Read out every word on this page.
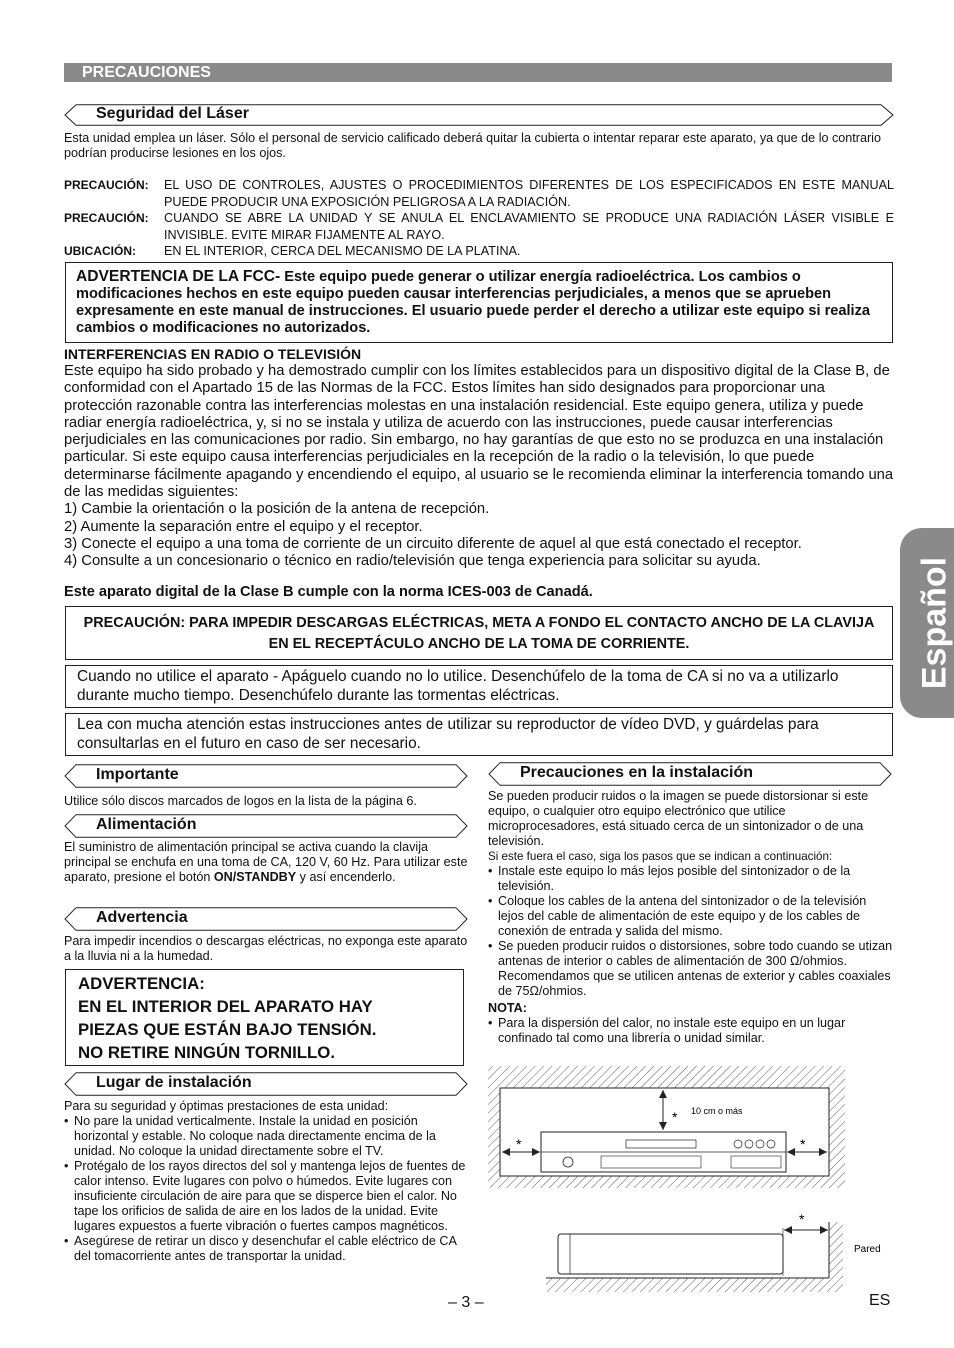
PRECAUCIONES
Español
Seguridad del Láser
Esta unidad emplea un láser. Sólo el personal de servicio calificado deberá quitar la cubierta o intentar reparar este aparato, ya que de lo contrario podrían producirse lesiones en los ojos.
PRECAUCIÓN:	EL USO DE CONTROLES, AJUSTES O PROCEDIMIENTOS DIFERENTES DE LOS ESPECIFICADOS EN ESTE MANUAL PUEDE PRODUCIR UNA EXPOSICIÓN PELIGROSA A LA RADIACIÓN.
PRECAUCIÓN:	CUANDO SE ABRE LA UNIDAD Y SE ANULA EL ENCLAVAMIENTO SE PRODUCE UNA RADIACIÓN LÁSER VISIBLE E INVISIBLE. EVITE MIRAR FIJAMENTE AL RAYO.
UBICACIÓN:	EN EL INTERIOR, CERCA DEL MECANISMO DE LA PLATINA.
ADVERTENCIA DE LA FCC- Este equipo puede generar o utilizar energía radioeléctrica. Los cambios o modificaciones hechos en este equipo pueden causar interferencias perjudiciales, a menos que se aprueben expresamente en este manual de instrucciones. El usuario puede perder el derecho a utilizar este equipo si realiza cambios o modificaciones no autorizados.
INTERFERENCIAS EN RADIO O TELEVISIÓN
Este equipo ha sido probado y ha demostrado cumplir con los límites establecidos para un dispositivo digital de la Clase B, de conformidad con el Apartado 15 de las Normas de la FCC. Estos límites han sido designados para proporcionar una protección razonable contra las interferencias molestas en una instalación residencial. Este equipo genera, utiliza y puede radiar energía radioeléctrica, y, si no se instala y utiliza de acuerdo con las instrucciones, puede causar interferencias perjudiciales en las comunicaciones por radio. Sin embargo, no hay garantías de que esto no se produzca en una instalación particular. Si este equipo causa interferencias perjudiciales en la recepción de la radio o la televisión, lo que puede determinarse fácilmente apagando y encendiendo el equipo, al usuario se le recomienda eliminar la interferencia tomando una de las medidas siguientes:
1) Cambie la orientación o la posición de la antena de recepción.
2) Aumente la separación entre el equipo y el receptor.
3) Conecte el equipo a una toma de corriente de un circuito diferente de aquel al que está conectado el receptor.
4) Consulte a un concesionario o técnico en radio/televisión que tenga experiencia para solicitar su ayuda.
Este aparato digital de la Clase B cumple con la norma ICES-003 de Canadá.
PRECAUCIÓN: PARA IMPEDIR DESCARGAS ELÉCTRICAS, META A FONDO EL CONTACTO ANCHO DE LA CLAVIJA EN EL RECEPTÁCULO ANCHO DE LA TOMA DE CORRIENTE.
Cuando no utilice el aparato - Apáguelo cuando no lo utilice. Desenchúfelo de la toma de CA si no va a utilizarlo durante mucho tiempo. Desenchúfelo durante las tormentas eléctricas.
Lea con mucha atención estas instrucciones antes de utilizar su reproductor de vídeo DVD, y guárdelas para consultarlas en el futuro en caso de ser necesario.
Importante
Utilice sólo discos marcados de logos en la lista de la página 6.
Alimentación
El suministro de alimentación principal se activa cuando la clavija principal se enchufa en una toma de CA, 120 V, 60 Hz. Para utilizar este aparato, presione el botón ON/STANDBY y así encenderlo.
Advertencia
Para impedir incendios o descargas eléctricas, no exponga este aparato a la lluvia ni a la humedad.
ADVERTENCIA:
EN EL INTERIOR DEL APARATO HAY
PIEZAS QUE ESTÁN BAJO TENSIÓN.
NO RETIRE NINGÚN TORNILLO.
Lugar de instalación
Para su seguridad y óptimas prestaciones de esta unidad:
• No pare la unidad verticalmente. Instale la unidad en posición horizontal y estable. No coloque nada directamente encima de la unidad. No coloque la unidad directamente sobre el TV.
• Protégalo de los rayos directos del sol y mantenga lejos de fuentes de calor intenso. Evite lugares con polvo o húmedos. Evite lugares con insuficiente circulación de aire para que se disperce bien el calor. No tape los orificios de salida de aire en los lados de la unidad. Evite lugares expuestos a fuerte vibración o fuertes campos magnéticos.
• Asegúrese de retirar un disco y desenchufar el cable eléctrico de CA del tomacorriente antes de transportar la unidad.
Precauciones en la instalación
Se pueden producir ruidos o la imagen se puede distorsionar si este equipo, o cualquier otro equipo electrónico que utilice microprocesadores, está situado cerca de un sintonizador o de una televisión.
Si este fuera el caso, siga los pasos que se indican a continuación:
• Instale este equipo lo más lejos posible del sintonizador o de la televisión.
• Coloque los cables de la antena del sintonizador o de la televisión lejos del cable de alimentación de este equipo y de los cables de conexión de entrada y salida del mismo.
• Se pueden producir ruidos o distorsiones, sobre todo cuando se utizan antenas de interior o cables de alimentación de 300 Ω/ohmios. Recomendamos que se utilicen antenas de exterior y cables coaxiales de 75Ω/ohmios.
NOTA:
• Para la dispersión del calor, no instale este equipo en un lugar confinado tal como una librería o unidad similar.
* 10 cm o más
*	*
*
Pared
– 3 –	ES
